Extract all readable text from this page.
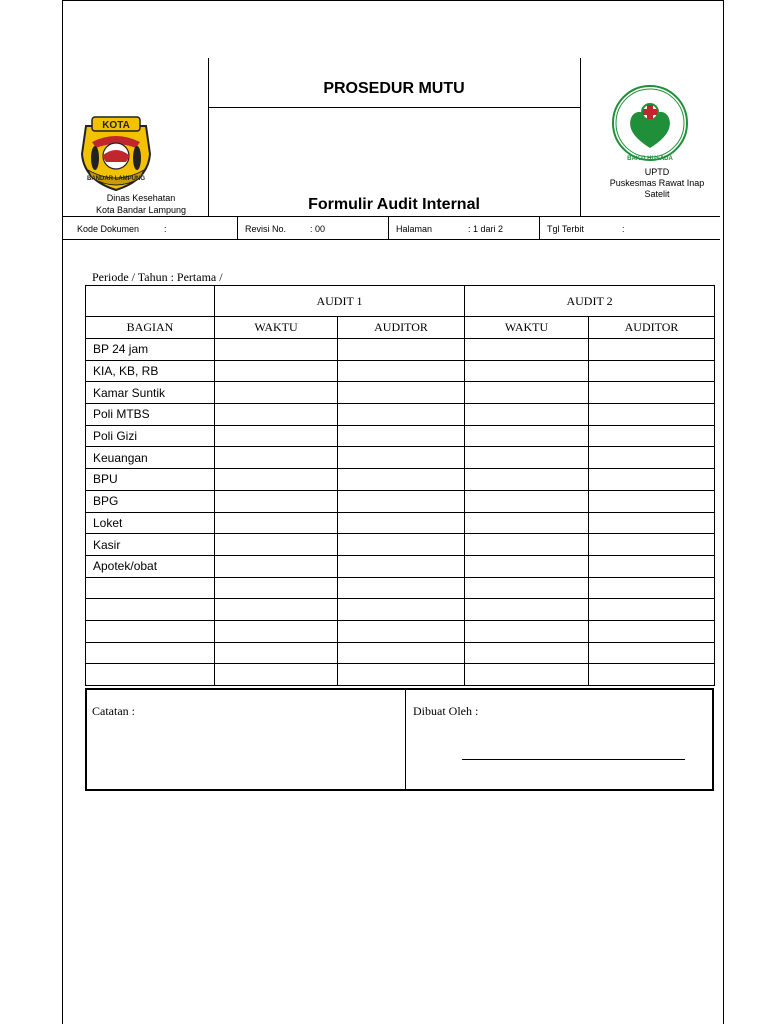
PROSEDUR MUTU
Formulir Audit Internal
KOTA
BANDAR LAMPUNG
Dinas Kesehatan
Kota Bandar Lampung
BAKTI HUSADA
UPTD
Puskesmas Rawat Inap
Satelit
Kode Dokumen	:	Revisi No.	: 00	Halaman	: 1 dari 2	Tgl Terbit	:
Periode / Tahun : Pertama /
	AUDIT 1		AUDIT 2	
BAGIAN	WAKTU	AUDITOR	WAKTU	AUDITOR
BP 24 jam				
KIA, KB, RB				
Kamar Suntik				
Poli MTBS				
Poli Gizi				
Keuangan				
BPU				
BPG				
Loket				
Kasir				
Apotek/obat				

Catatan :	Dibuat Oleh :
